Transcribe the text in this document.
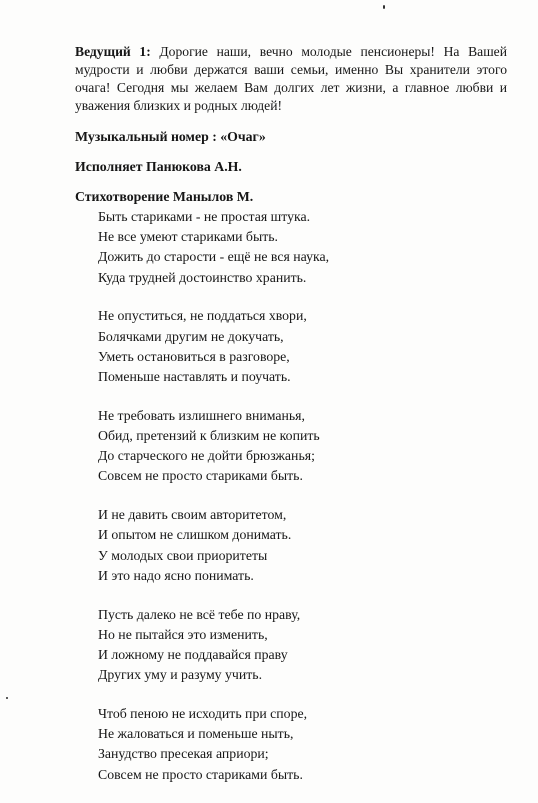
Ведущий 1: Дорогие наши, вечно молодые пенсионеры! На Вашей мудрости и любви держатся ваши семьи, именно Вы хранители этого очага! Сегодня мы желаем Вам долгих лет жизни, а главное любви и уважения близких и родных людей!

Музыкальный номер : «Очаг»
Исполняет Панюкова А.Н.
Стихотворение Манылов М.
Быть стариками - не простая штука.
Не все умеют стариками быть.
Дожить до старости - ещё не вся наука,
Куда трудней достоинство хранить.
Не опуститься, не поддаться хвори,
Болячками другим не докучать,
Уметь остановиться в разговоре,
Поменьше наставлять и поучать.
Не требовать излишнего вниманья,
Обид, претензий к близким не копить
До старческого не дойти брюзжанья;
Совсем не просто стариками быть.
И не давить своим авторитетом,
И опытом не слишком донимать.
У молодых свои приоритеты
И это надо ясно понимать.
Пусть далеко не всё тебе по нраву,
Но не пытайся это изменить,
И ложному не поддавайся праву
Других уму и разуму учить.
Чтоб пеною не исходить при споре,
Не жаловаться и поменьше ныть,
Занудство пресекая априори;
Совсем не просто стариками быть.
